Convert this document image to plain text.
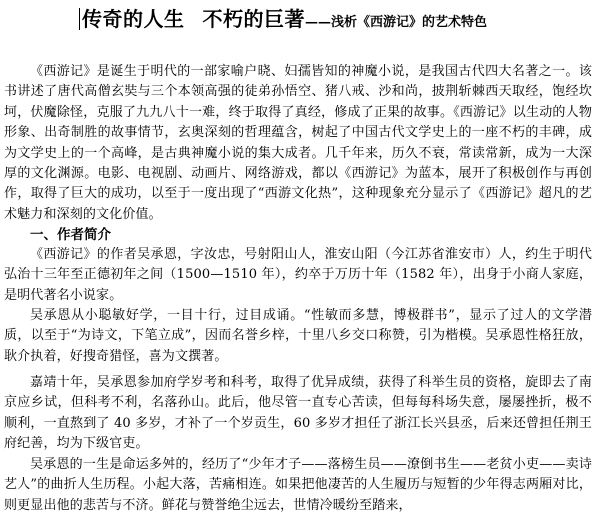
传奇的人生 不朽的巨著——浅析《西游记》的艺术特色

《西游记》是诞生于明代的一部家喻户晓、妇孺皆知的神魔小说，是我国古代四大名著之一。该书讲述了唐代高僧玄奘与三个本领高强的徒弟孙悟空、猪八戒、沙和尚，披荆斩棘西天取经，饱经坎坷，伏魔除怪，克服了九九八十一难，终于取得了真经，修成了正果的故事。《西游记》以生动的人物形象、出奇制胜的故事情节，玄奥深刻的哲理蕴含，树起了中国古代文学史上的一座不朽的丰碑，成为文学史上的一个高峰，是古典神魔小说的集大成者。几千年来，历久不衰，常读常新，成为一大深厚的文化渊源。电影、电视剧、动画片、网络游戏，都以《西游记》为蓝本，展开了积极创作与再创作，取得了巨大的成功，以至于一度出现了“西游文化热”，这种现象充分显示了《西游记》超凡的艺术魅力和深刻的文化价值。

一、作者简介

《西游记》的作者吴承恩，字汝忠，号射阳山人，淮安山阳（今江苏省淮安市）人，约生于明代弘治十三年至正德初年之间（1500—1510 年），约卒于万历十年（1582 年），出身于小商人家庭，是明代著名小说家。

吴承恩从小聪敏好学，一目十行，过目成诵。“性敏而多慧，博极群书”，显示了过人的文学潜质，以至于“为诗文，下笔立成”，因而名誉乡梓，十里八乡交口称赞，引为楷模。吴承恩性格狂放，耿介执着，好搜奇猎怪，喜为文撰著。

嘉靖十年，吴承恩参加府学岁考和科考，取得了优异成绩，获得了科举生员的资格，旋即去了南京应乡试，但科考不利，名落孙山。此后，他尽管一直专心苦读，但每每科场失意，屡屡挫折，极不顺利，一直熬到了 40 多岁，才补了一个岁贡生，60 多岁才担任了浙江长兴县丞，后来还曾担任荆王府纪善，均为下级官吏。

吴承恩的一生是命运多舛的，经历了“少年才子——落榜生员——潦倒书生——老贫小吏——卖诗艺人”的曲折人生历程。小起大落，苦痛相连。如果把他凄苦的人生履历与短暂的少年得志两厢对比，则更显出他的悲苦与不济。鲜花与赞誉绝尘远去，世情冷暖纷至踏来，
